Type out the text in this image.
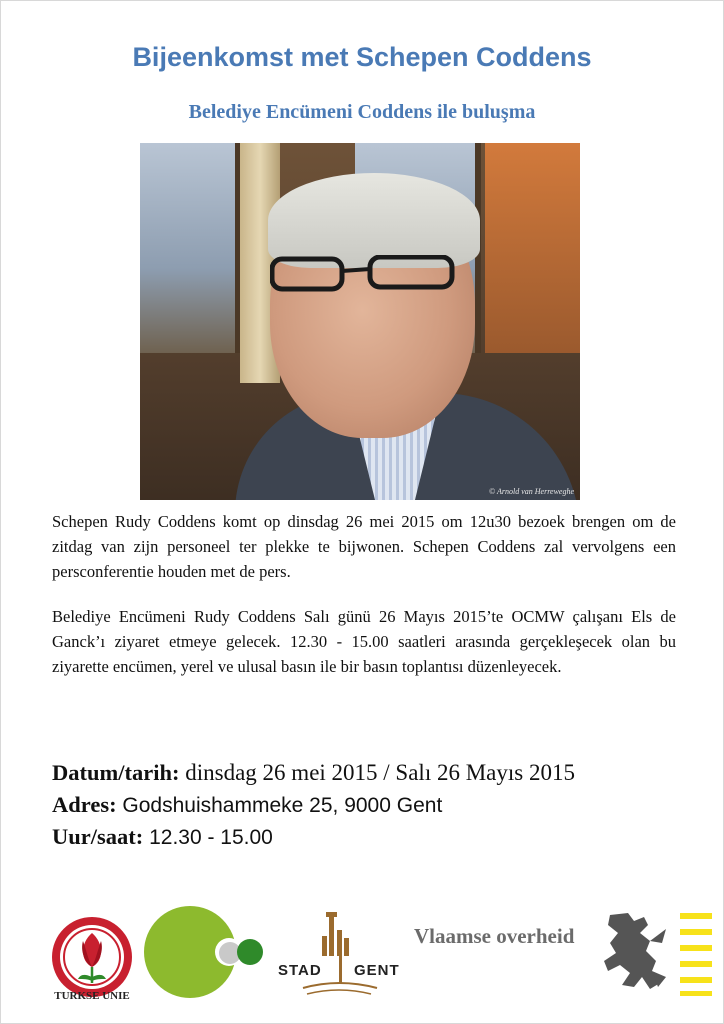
Bijeenkomst met Schepen Coddens
Belediye Encümeni Coddens ile buluşma
© Arnold van Herreweghe
Schepen Rudy Coddens komt op dinsdag 26 mei 2015 om 12u30 bezoek brengen om de zitdag van zijn personeel ter plekke te bijwonen. Schepen Coddens zal vervolgens een persconferentie houden met de pers.
Belediye Encümeni Rudy Coddens Salı günü 26 Mayıs 2015’te OCMW çalışanı Els de Ganck’ı ziyaret etmeye gelecek. 12.30 - 15.00 saatleri arasında gerçekleşecek olan bu ziyarette encümen, yerel ve ulusal basın ile bir basın toplantısı düzenleyecek.
Datum/tarih: dinsdag 26 mei 2015 / Salı 26 Mayıs 2015
Adres: Godshuishammeke 25, 9000 Gent
Uur/saat: 12.30 - 15.00
TURKSE UNIE
STAD GENT
Vlaamse overheid
